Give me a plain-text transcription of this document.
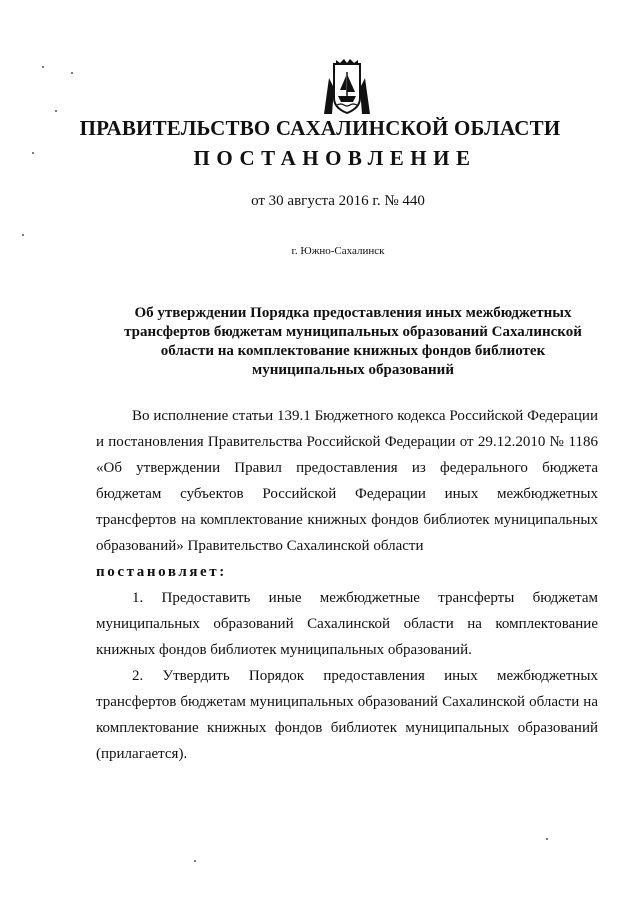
ПРАВИТЕЛЬСТВО САХАЛИНСКОЙ ОБЛАСТИ
ПОСТАНОВЛЕНИЕ
от 30 августа 2016 г. № 440
г. Южно-Сахалинск
Об утверждении Порядка предоставления иных межбюджетных трансфертов бюджетам муниципальных образований Сахалинской области на комплектование книжных фондов библиотек муниципальных образований

Во исполнение статьи 139.1 Бюджетного кодекса Российской Федерации и постановления Правительства Российской Федерации от 29.12.2010 № 1186 «Об утверждении Правил предоставления из федерального бюджета бюджетам субъектов Российской Федерации иных межбюджетных трансфертов на комплектование книжных фондов библиотек муниципальных образований» Правительство Сахалинской области

постановляет:

1. Предоставить иные межбюджетные трансферты бюджетам муниципальных образований Сахалинской области на комплектование книжных фондов библиотек муниципальных образований.

2. Утвердить Порядок предоставления иных межбюджетных трансфертов бюджетам муниципальных образований Сахалинской области на комплектование книжных фондов библиотек муниципальных образований (прилагается).
